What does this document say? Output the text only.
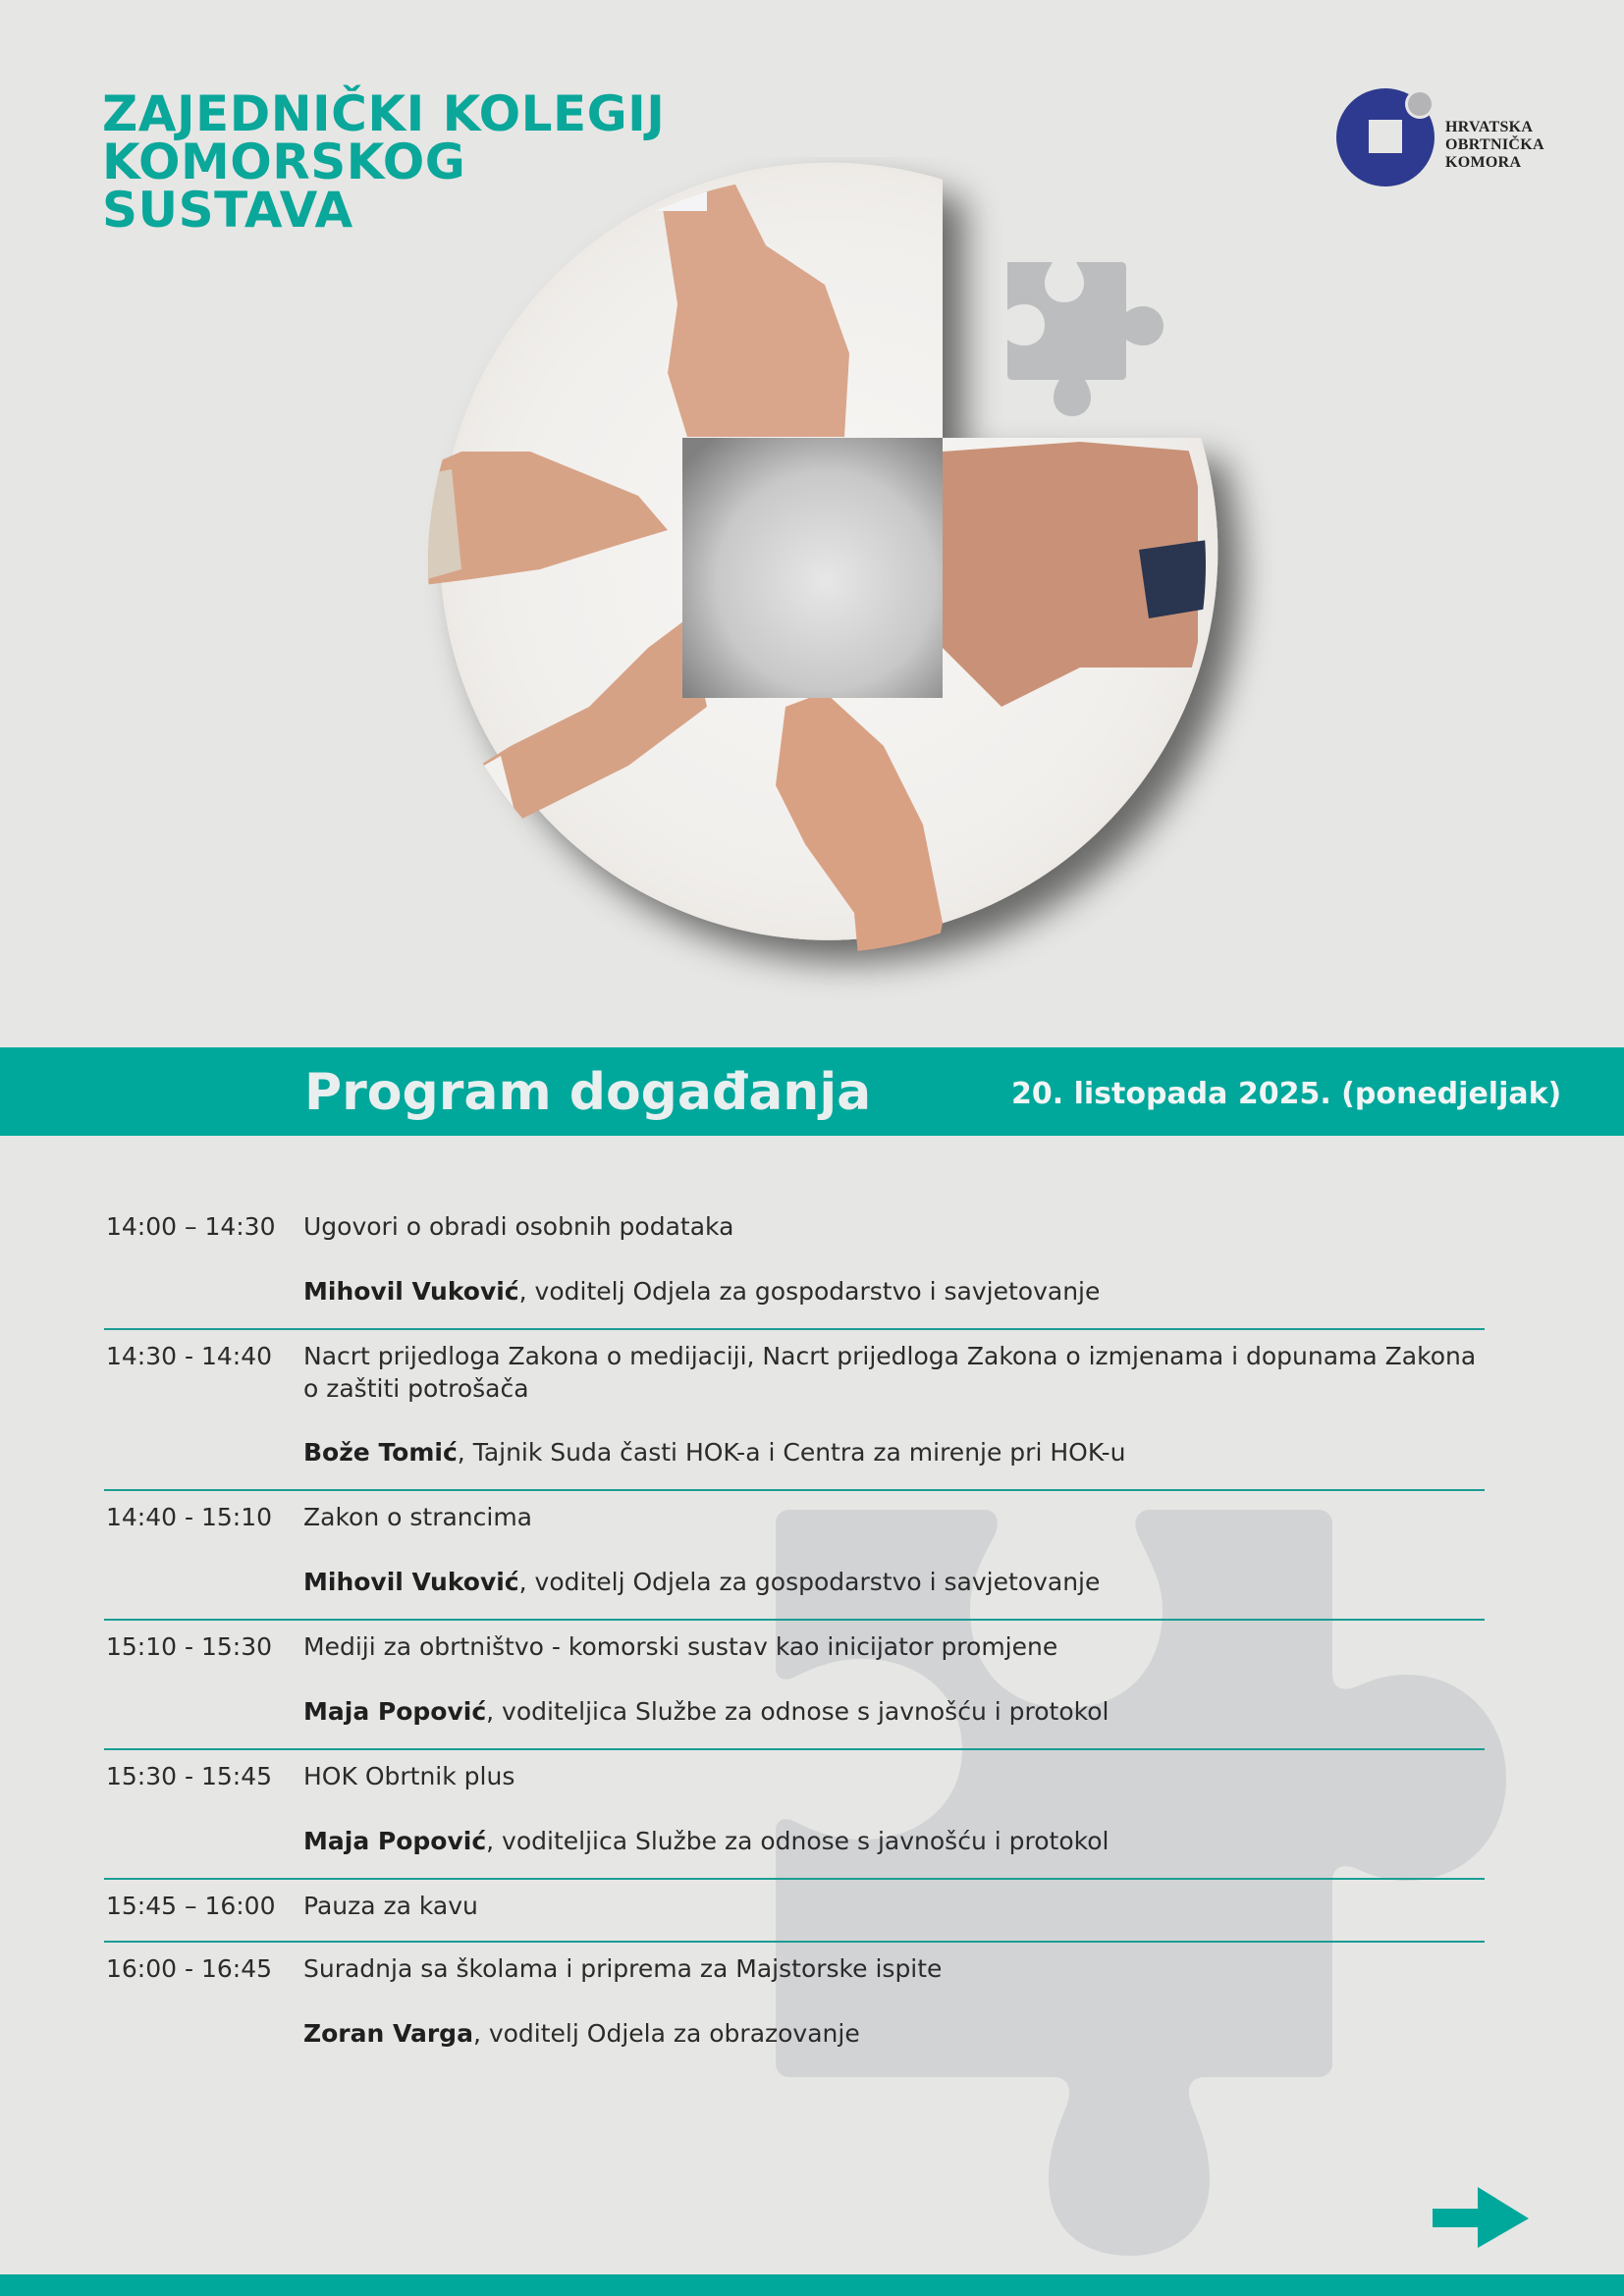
ZAJEDNIČKI KOLEGIJ
KOMORSKOG
SUSTAVA
HRVATSKA
OBRTNIČKA
KOMORA
Program događanja	20. listopada 2025. (ponedjeljak)
14:00 – 14:30 Ugovori o obradi osobnih podataka
Mihovil Vuković, voditelj Odjela za gospodarstvo i savjetovanje
14:30 - 14:40 Nacrt prijedloga Zakona o medijaciji, Nacrt prijedloga Zakona o izmjenama i dopunama Zakona o zaštiti potrošača
Bože Tomić, Tajnik Suda časti HOK-a i Centra za mirenje pri HOK-u
14:40 - 15:10 Zakon o strancima
Mihovil Vuković, voditelj Odjela za gospodarstvo i savjetovanje
15:10 - 15:30 Mediji za obrtništvo - komorski sustav kao inicijator promjene
Maja Popović, voditeljica Službe za odnose s javnošću i protokol
15:30 - 15:45 HOK Obrtnik plus
Maja Popović, voditeljica Službe za odnose s javnošću i protokol
15:45 – 16:00 Pauza za kavu
16:00 - 16:45 Suradnja sa školama i priprema za Majstorske ispite
Zoran Varga, voditelj Odjela za obrazovanje
